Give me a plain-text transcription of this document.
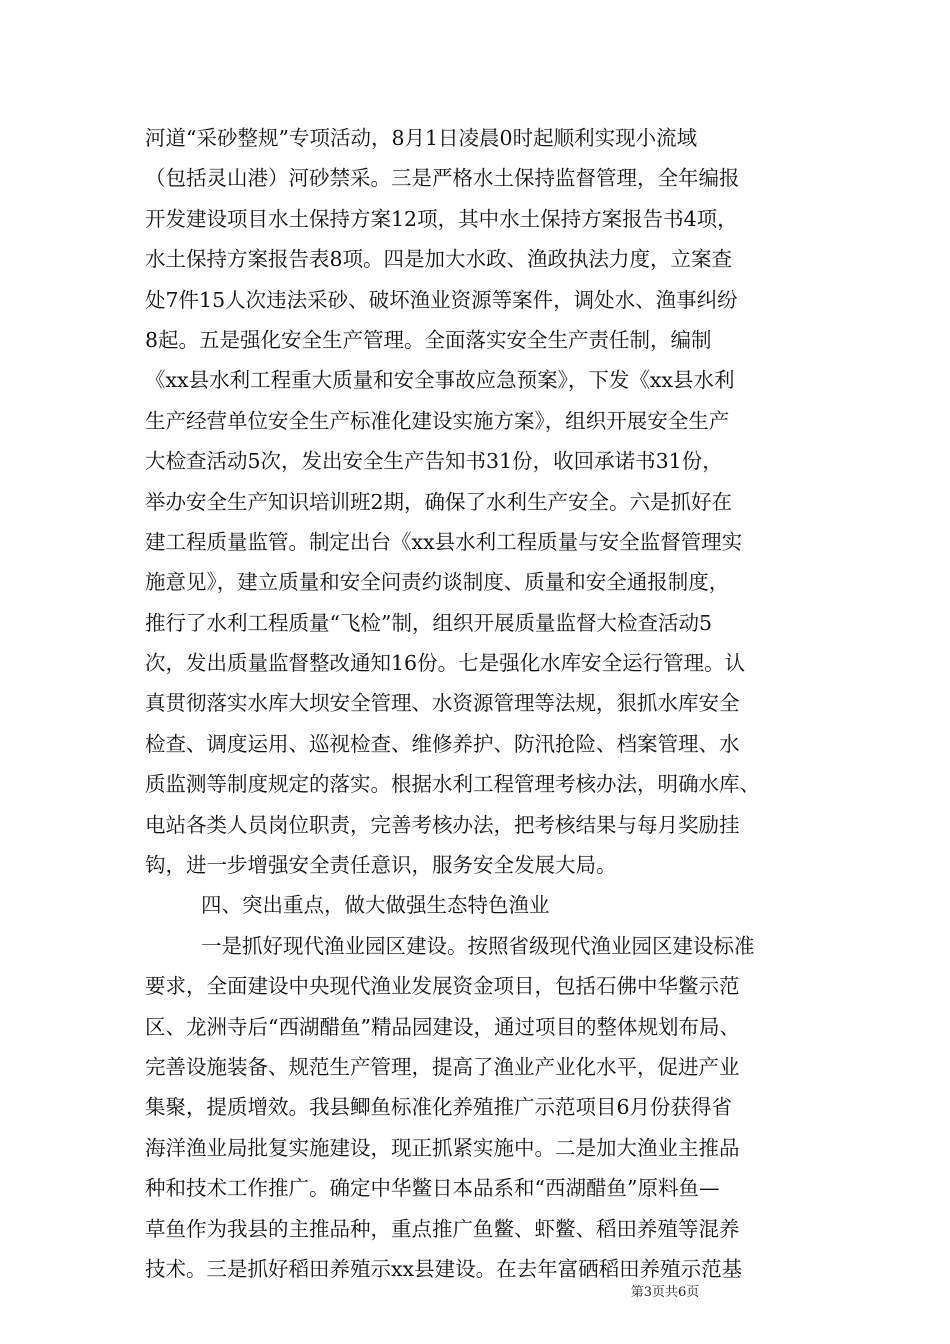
河道“采砂整规”专项活动，8月1日凌晨0时起顺利实现小流域
（包括灵山港）河砂禁采。三是严格水土保持监督管理，全年编报
开发建设项目水土保持方案12项，其中水土保持方案报告书4项，
水土保持方案报告表8项。四是加大水政、渔政执法力度，立案查
处7件15人次违法采砂、破坏渔业资源等案件，调处水、渔事纠纷
8起。五是强化安全生产管理。全面落实安全生产责任制，编制
《xx县水利工程重大质量和安全事故应急预案》，下发《xx县水利
生产经营单位安全生产标准化建设实施方案》，组织开展安全生产
大检查活动5次，发出安全生产告知书31份，收回承诺书31份，
举办安全生产知识培训班2期，确保了水利生产安全。六是抓好在
建工程质量监管。制定出台《xx县水利工程质量与安全监督管理实
施意见》，建立质量和安全问责约谈制度、质量和安全通报制度，
推行了水利工程质量“飞检”制，组织开展质量监督大检查活动5
次，发出质量监督整改通知16份。七是强化水库安全运行管理。认
真贯彻落实水库大坝安全管理、水资源管理等法规，狠抓水库安全
检查、调度运用、巡视检查、维修养护、防汛抢险、档案管理、水
质监测等制度规定的落实。根据水利工程管理考核办法，明确水库、
电站各类人员岗位职责，完善考核办法，把考核结果与每月奖励挂
钩，进一步增强安全责任意识，服务安全发展大局。
四、突出重点，做大做强生态特色渔业
一是抓好现代渔业园区建设。按照省级现代渔业园区建设标准
要求，全面建设中央现代渔业发展资金项目，包括石佛中华鳖示范
区、龙洲寺后“西湖醋鱼”精品园建设，通过项目的整体规划布局、
完善设施装备、规范生产管理，提高了渔业产业化水平，促进产业
集聚，提质增效。我县鲫鱼标准化养殖推广示范项目6月份获得省
海洋渔业局批复实施建设，现正抓紧实施中。二是加大渔业主推品
种和技术工作推广。确定中华鳖日本品系和“西湖醋鱼”原料鱼—
草鱼作为我县的主推品种，重点推广鱼鳖、虾鳖、稻田养殖等混养
技术。三是抓好稻田养殖示xx县建设。在去年富硒稻田养殖示范基
第3页共6页
